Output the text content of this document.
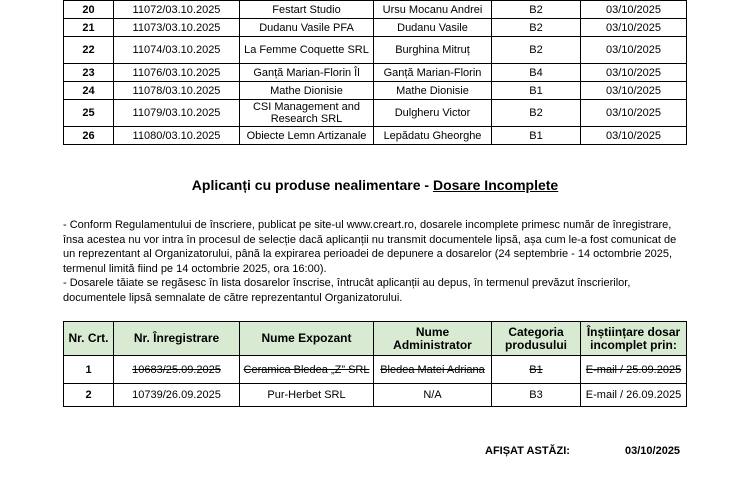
20	11072/03.10.2025	Festart Studio	Ursu Mocanu Andrei	B2	03/10/2025
21	11073/03.10.2025	Dudanu Vasile PFA	Dudanu Vasile	B2	03/10/2025
22	11074/03.10.2025	La Femme Coquette SRL	Burghina Mitruț	B2	03/10/2025
23	11076/03.10.2025	Ganță Marian-Florin Îl	Ganță Marian-Florin	B4	03/10/2025
24	11078/03.10.2025	Mathe Dionisie	Mathe Dionisie	B1	03/10/2025
25	11079/03.10.2025	CSI Management and Research SRL	Dulgheru Victor	B2	03/10/2025
26	11080/03.10.2025	Obiecte Lemn Artizanale	Lepădatu Gheorghe	B1	03/10/2025
Aplicanți cu produse nealimentare - Dosare Incomplete
- Conform Regulamentului de înscriere, publicat pe site-ul www.creart.ro, dosarele incomplete primesc număr de înregistrare, însa acestea nu vor intra în procesul de selecție dacă aplicanții nu transmit documentele lipsă, așa cum le-a fost comunicat de un reprezentant al Organizatorului, până la expirarea perioadei de depunere a dosarelor (24 septembrie - 14 octombrie 2025, termenul limită fiind pe 14 octombrie 2025, ora 16:00).
- Dosarele tăiate se regăsesc în lista dosarelor înscrise, întrucât aplicanții au depus, în termenul prevăzut înscrierilor, documentele lipsă semnalate de către reprezentantul Organizatorului.
Nr. Crt.	Nr. Înregistrare	Nume Expozant	Nume Administrator	Categoria produsului	Înștiințare dosar incomplet prin:
1	10683/25.09.2025	Ceramica Bledea „Z” SRL	Bledea Matei Adriana	B1	E-mail / 25.09.2025
2	10739/26.09.2025	Pur-Herbet SRL	N/A	B3	E-mail / 26.09.2025
AFIȘAT ASTĂZI:	03/10/2025
